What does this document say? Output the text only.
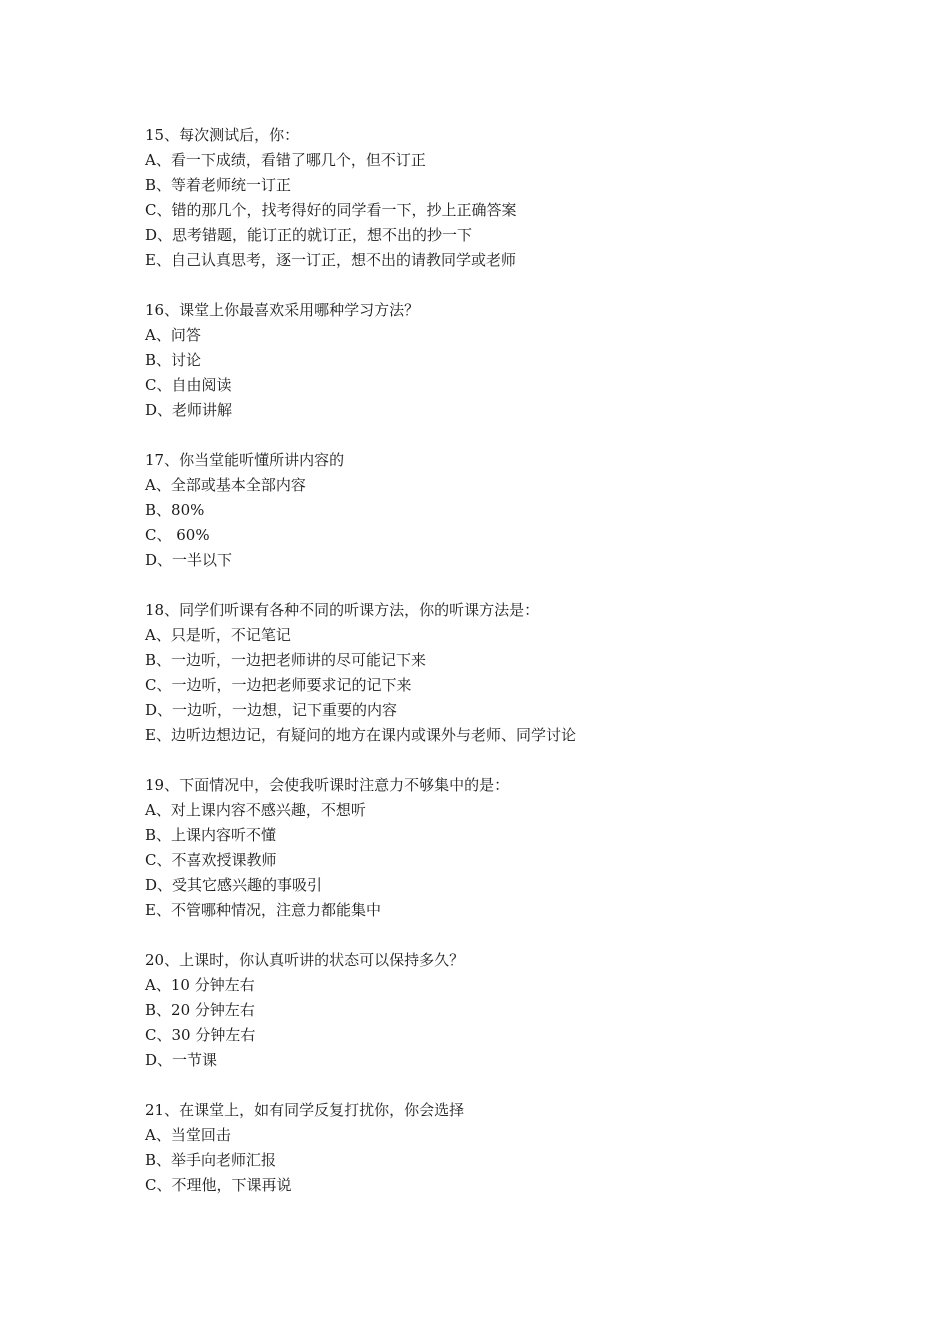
15、每次测试后，你：
A、看一下成绩，看错了哪几个，但不订正
B、等着老师统一订正
C、错的那几个，找考得好的同学看一下，抄上正确答案
D、思考错题，能订正的就订正，想不出的抄一下
E、自己认真思考，逐一订正，想不出的请教同学或老师
16、课堂上你最喜欢采用哪种学习方法？
A、问答
B、讨论
C、自由阅读
D、老师讲解
17、你当堂能听懂所讲内容的
A、全部或基本全部内容
B、80%
C、 60%
D、一半以下
18、同学们听课有各种不同的听课方法，你的听课方法是：
A、只是听，不记笔记
B、一边听，一边把老师讲的尽可能记下来
C、一边听，一边把老师要求记的记下来
D、一边听，一边想，记下重要的内容
E、边听边想边记，有疑问的地方在课内或课外与老师、同学讨论
19、下面情况中，会使我听课时注意力不够集中的是：
A、对上课内容不感兴趣，不想听
B、上课内容听不懂
C、不喜欢授课教师
D、受其它感兴趣的事吸引
E、不管哪种情况，注意力都能集中
20、上课时，你认真听讲的状态可以保持多久？
A、10 分钟左右
B、20 分钟左右
C、30 分钟左右
D、一节课
21、在课堂上，如有同学反复打扰你，你会选择
A、当堂回击
B、举手向老师汇报
C、不理他，下课再说
